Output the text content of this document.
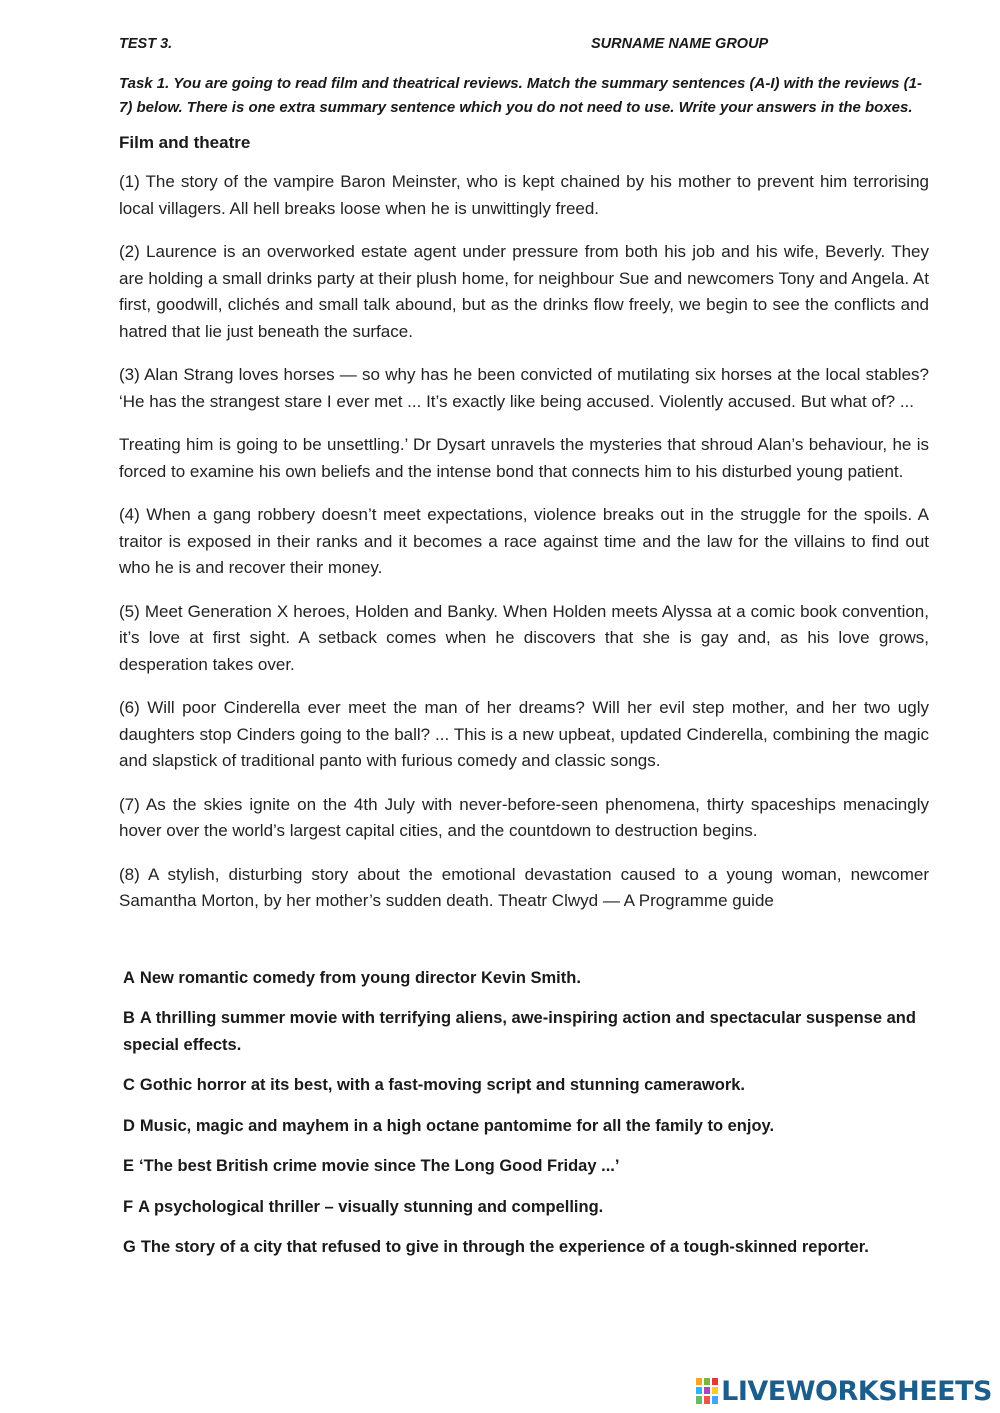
TEST 3.	SURNAME NAME GROUP
Task 1. You are going to read film and theatrical reviews. Match the summary sentences (A-I) with the reviews (1-7) below. There is one extra summary sentence which you do not need to use. Write your answers in the boxes.
Film and theatre

(1) The story of the vampire Baron Meinster, who is kept chained by his mother to prevent him terrorising local villagers. All hell breaks loose when he is unwittingly freed.

(2) Laurence is an overworked estate agent under pressure from both his job and his wife, Beverly. They are holding a small drinks party at their plush home, for neighbour Sue and newcomers Tony and Angela. At first, goodwill, clichés and small talk abound, but as the drinks flow freely, we begin to see the conflicts and hatred that lie just beneath the surface.

(3) Alan Strang loves horses — so why has he been convicted of mutilating six horses at the local stables? ‘He has the strangest stare I ever met ... It’s exactly like being accused. Violently accused. But what of? ...

Treating him is going to be unsettling.’ Dr Dysart unravels the mysteries that shroud Alan’s behaviour, he is forced to examine his own beliefs and the intense bond that connects him to his disturbed young patient.

(4) When a gang robbery doesn’t meet expectations, violence breaks out in the struggle for the spoils. A traitor is exposed in their ranks and it becomes a race against time and the law for the villains to find out who he is and recover their money.

(5) Meet Generation X heroes, Holden and Banky. When Holden meets Alyssa at a comic book convention, it’s love at first sight. A setback comes when he discovers that she is gay and, as his love grows, desperation takes over.

(6) Will poor Cinderella ever meet the man of her dreams? Will her evil step mother, and her two ugly daughters stop Cinders going to the ball? ... This is a new upbeat, updated Cinderella, combining the magic and slapstick of traditional panto with furious comedy and classic songs.

(7) As the skies ignite on the 4th July with never-before-seen phenomena, thirty spaceships menacingly hover over the world’s largest capital cities, and the countdown to destruction begins.

(8) A stylish, disturbing story about the emotional devastation caused to a young woman, newcomer Samantha Morton, by her mother’s sudden death. Theatr Clwyd — A Programme guide

A New romantic comedy from young director Kevin Smith.
B A thrilling summer movie with terrifying aliens, awe-inspiring action and spectacular suspense and special effects.
C Gothic horror at its best, with a fast-moving script and stunning camerawork.
D Music, magic and mayhem in a high octane pantomime for all the family to enjoy.
E ‘The best British crime movie since The Long Good Friday ...’
F A psychological thriller – visually stunning and compelling.
G The story of a city that refused to give in through the experience of a tough-skinned reporter.
LIVEWORKSHEETS
